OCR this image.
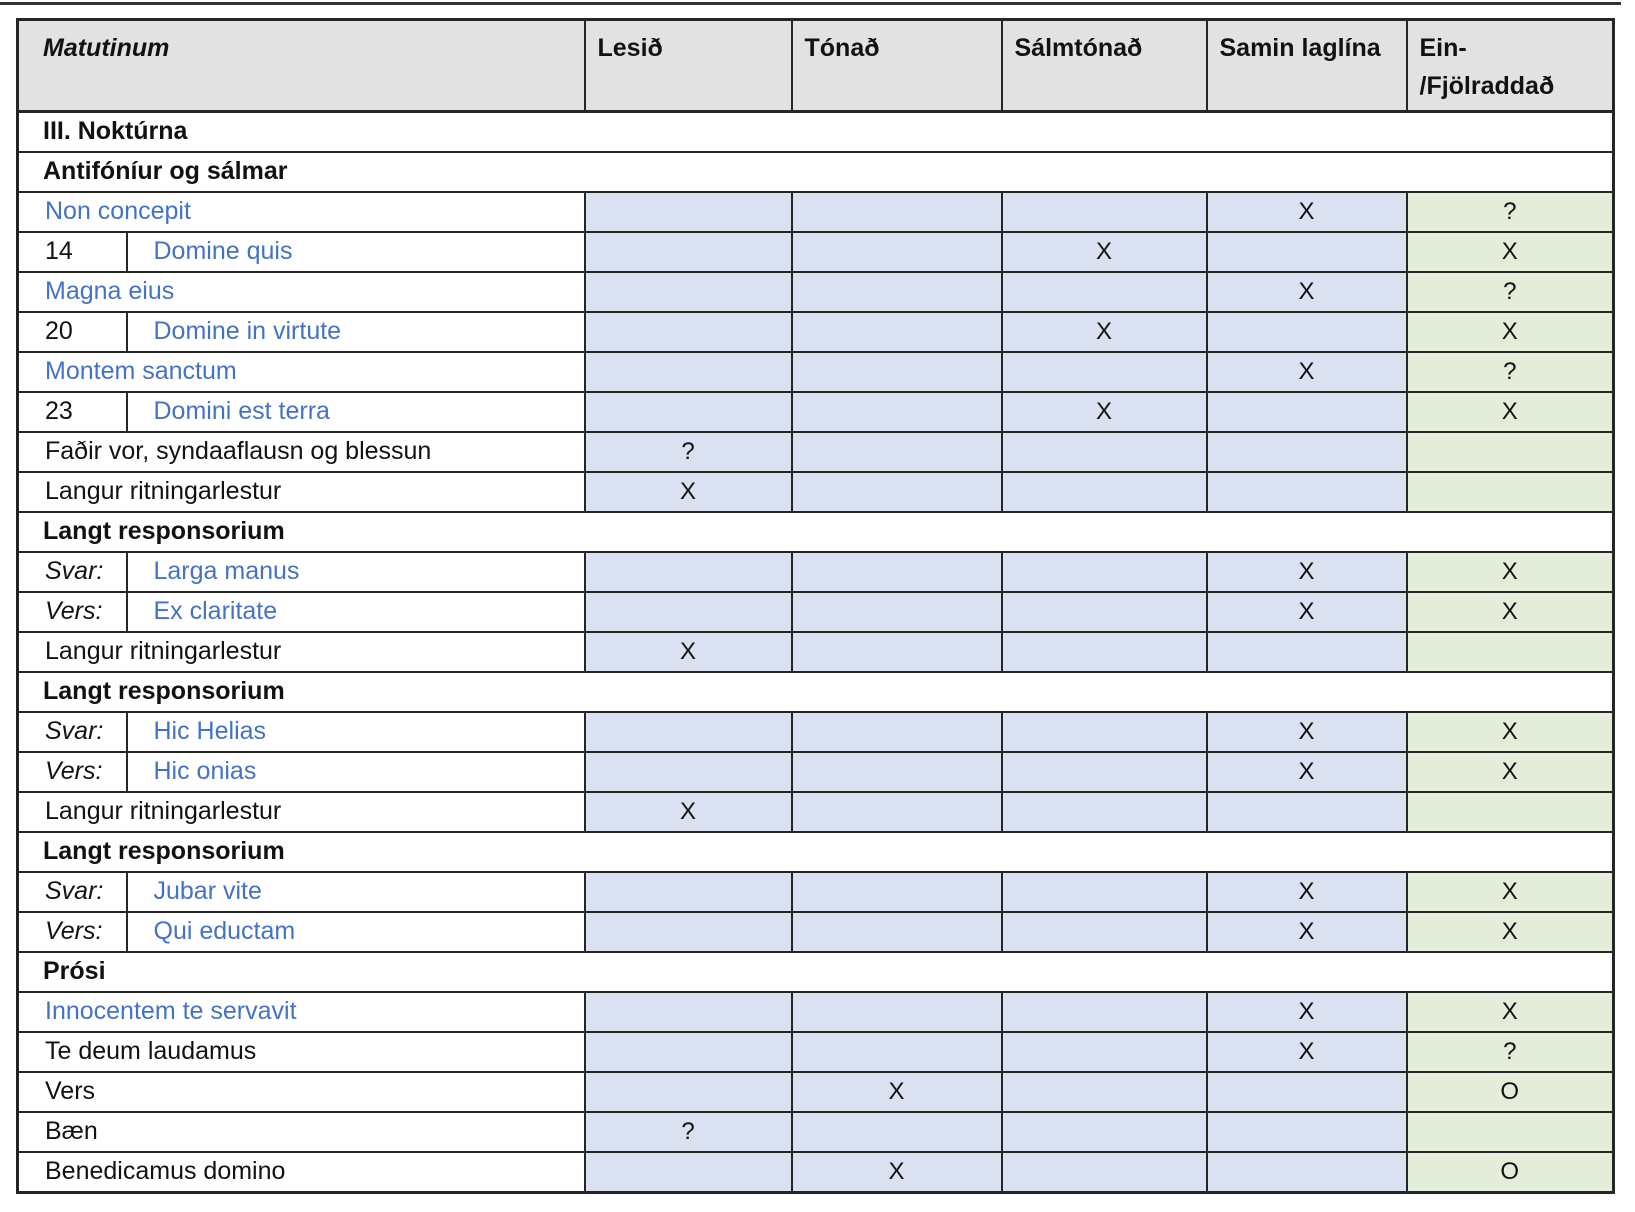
Matutinum		Lesið	Tónað	Sálmtónað	Samin laglína	Ein-
/Fjölraddað

III. Noktúrna						
Antifóníur og sálmar						
Non concepit					X	?
14	Domine quis			X		X
Magna eius					X	?
20	Domine in virtute			X		X
Montem sanctum					X	?
23	Domini est terra			X		X
Faðir vor, syndaaflausn og blessun		?				
Langur ritningarlestur		X				
Langt responsorium						
Svar:	Larga manus				X	X
Vers:	Ex claritate				X	X
Langur ritningarlestur		X				
Langt responsorium						
Svar:	Hic Helias				X	X
Vers:	Hic onias				X	X
Langur ritningarlestur		X				
Langt responsorium						
Svar:	Jubar vite				X	X
Vers:	Qui eductam				X	X
Prósi						
Innocentem te servavit					X	X
Te deum laudamus					X	?
Vers			X			O
Bæn		?				
Benedicamus domino			X			O
